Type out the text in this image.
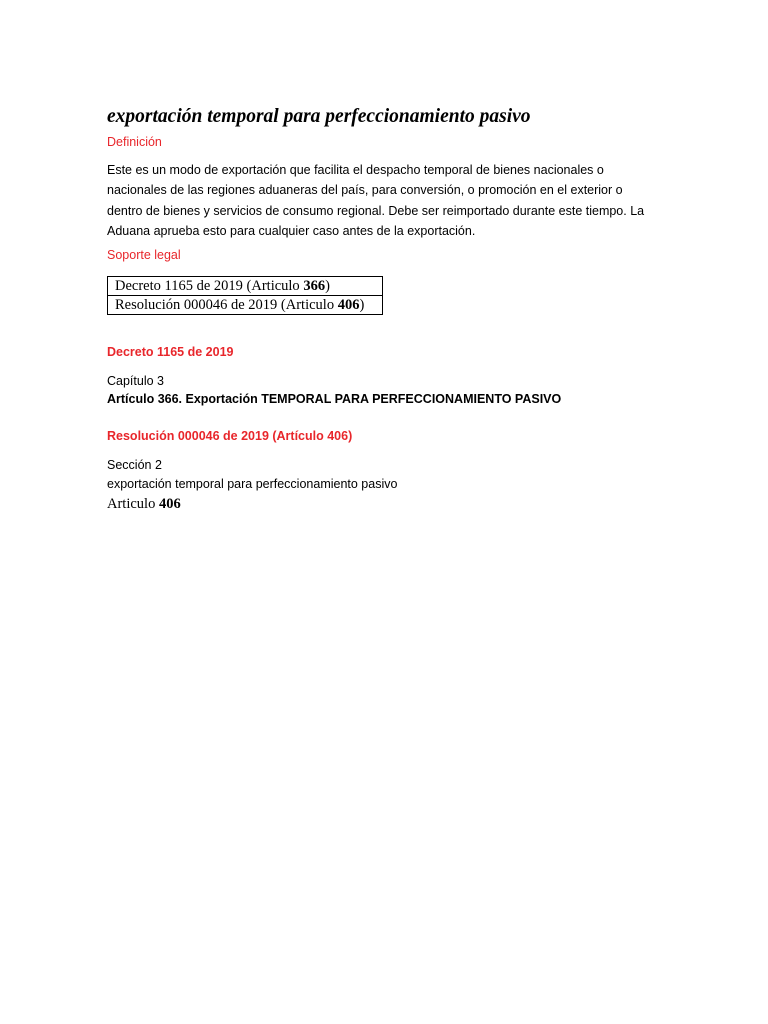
exportación temporal para perfeccionamiento pasivo
Definición

Este es un modo de exportación que facilita el despacho temporal de bienes nacionales o
nacionales de las regiones aduaneras del país, para conversión, o promoción en el exterior o
dentro de bienes y servicios de consumo regional. Debe ser reimportado durante este tiempo. La
Aduana aprueba esto para cualquier caso antes de la exportación.

Soporte legal
Decreto 1165 de 2019 (Articulo 366)
Resolución 000046 de 2019 (Articulo 406)
Decreto 1165 de 2019
Capítulo 3
Artículo 366. Exportación TEMPORAL PARA PERFECCIONAMIENTO PASIVO
Resolución 000046 de 2019 (Artículo 406)
Sección 2
exportación temporal para perfeccionamiento pasivo
Articulo 406
